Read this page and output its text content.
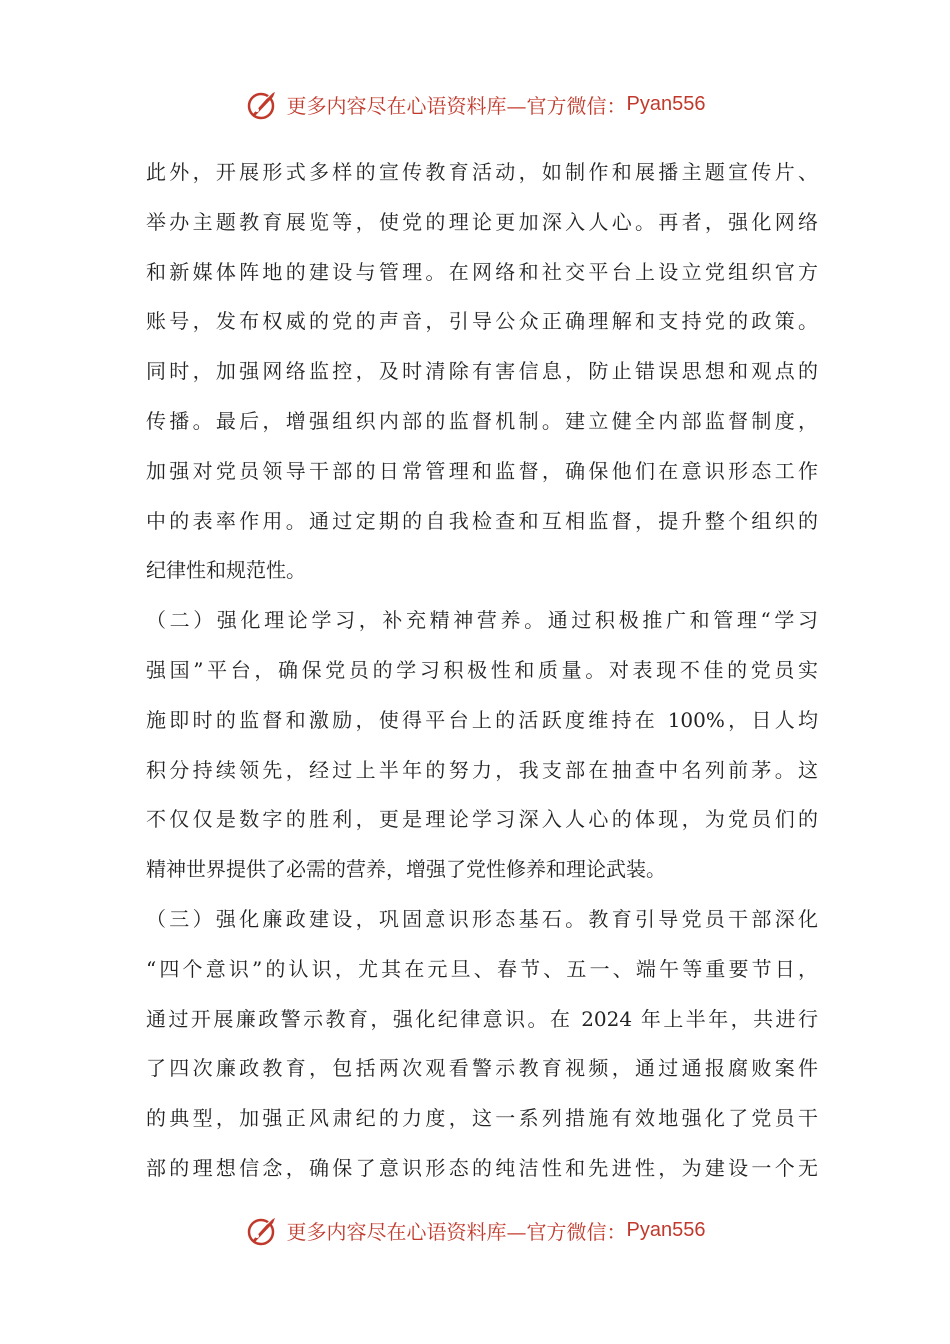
更多内容尽在心语资料库—官方微信： Pyan556
此外，开展形式多样的宣传教育活动，如制作和展播主题宣传片、
举办主题教育展览等，使党的理论更加深入人心。再者，强化网络
和新媒体阵地的建设与管理。在网络和社交平台上设立党组织官方
账号，发布权威的党的声音，引导公众正确理解和支持党的政策。
同时，加强网络监控，及时清除有害信息，防止错误思想和观点的
传播。最后，增强组织内部的监督机制。建立健全内部监督制度，
加强对党员领导干部的日常管理和监督，确保他们在意识形态工作
中的表率作用。通过定期的自我检查和互相监督，提升整个组织的
纪律性和规范性。
（二）强化理论学习，补充精神营养。通过积极推广和管理“学习
强国”平台，确保党员的学习积极性和质量。对表现不佳的党员实
施即时的监督和激励，使得平台上的活跃度维持在 100%，日人均
积分持续领先，经过上半年的努力，我支部在抽查中名列前茅。这
不仅仅是数字的胜利，更是理论学习深入人心的体现，为党员们的
精神世界提供了必需的营养，增强了党性修养和理论武装。
（三）强化廉政建设，巩固意识形态基石。教育引导党员干部深化
“四个意识”的认识，尤其在元旦、春节、五一、端午等重要节日，
通过开展廉政警示教育，强化纪律意识。在 2024 年上半年，共进行
了四次廉政教育，包括两次观看警示教育视频，通过通报腐败案件
的典型，加强正风肃纪的力度，这一系列措施有效地强化了党员干
部的理想信念，确保了意识形态的纯洁性和先进性，为建设一个无
更多内容尽在心语资料库—官方微信： Pyan556
